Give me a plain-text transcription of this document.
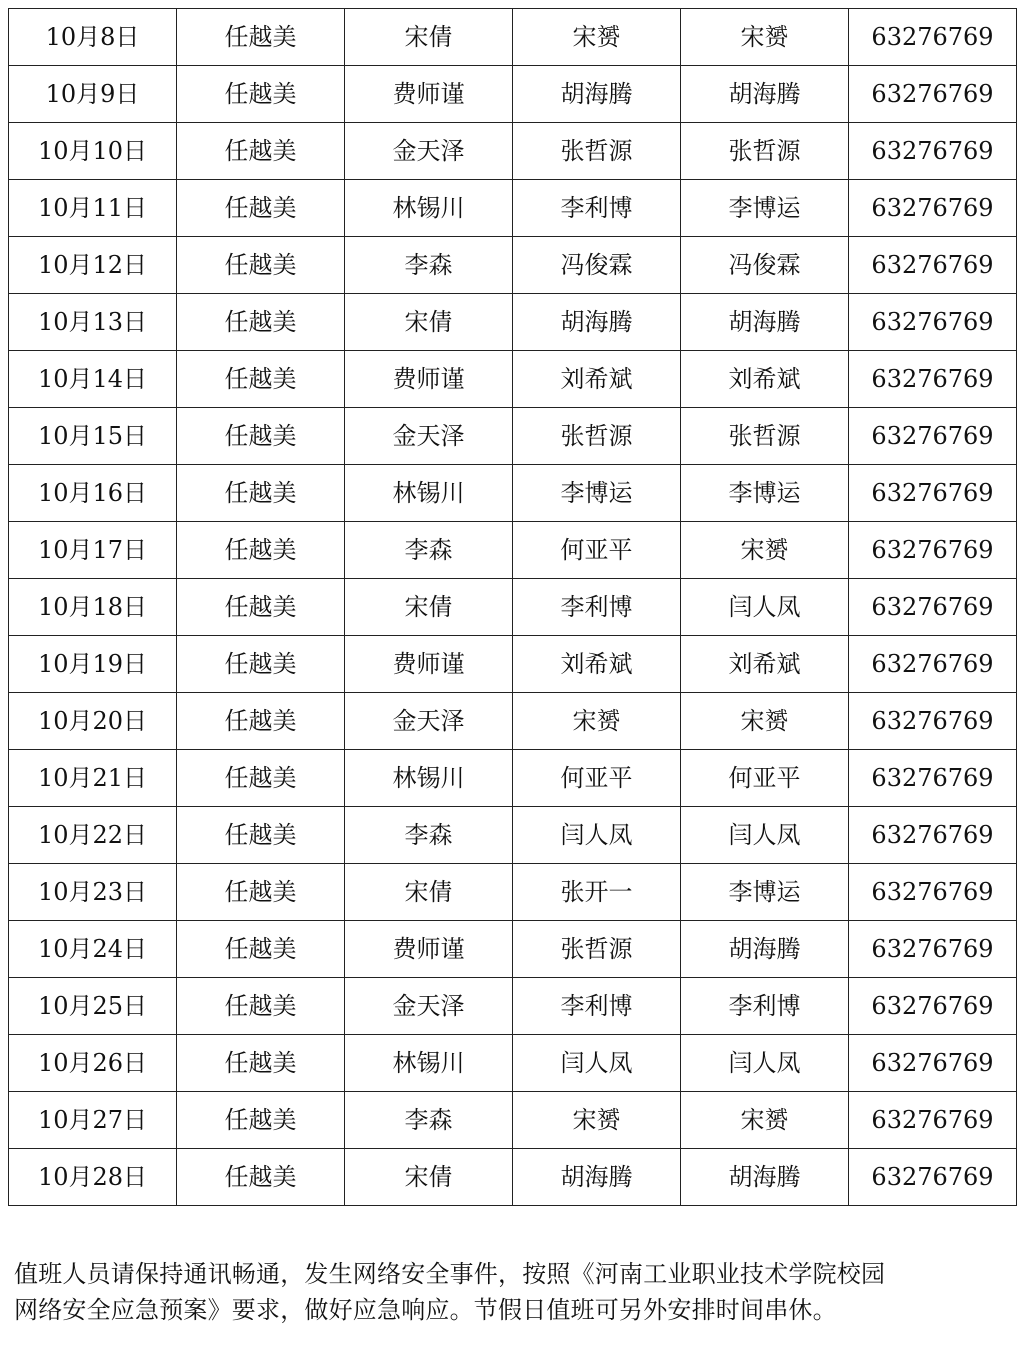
10月8日	任越美	宋倩	宋赟	宋赟	63276769
10月9日	任越美	费师谨	胡海腾	胡海腾	63276769
10月10日	任越美	金天泽	张哲源	张哲源	63276769
10月11日	任越美	林锡川	李利博	李博运	63276769
10月12日	任越美	李森	冯俊霖	冯俊霖	63276769
10月13日	任越美	宋倩	胡海腾	胡海腾	63276769
10月14日	任越美	费师谨	刘希斌	刘希斌	63276769
10月15日	任越美	金天泽	张哲源	张哲源	63276769
10月16日	任越美	林锡川	李博运	李博运	63276769
10月17日	任越美	李森	何亚平	宋赟	63276769
10月18日	任越美	宋倩	李利博	闫人凤	63276769
10月19日	任越美	费师谨	刘希斌	刘希斌	63276769
10月20日	任越美	金天泽	宋赟	宋赟	63276769
10月21日	任越美	林锡川	何亚平	何亚平	63276769
10月22日	任越美	李森	闫人凤	闫人凤	63276769
10月23日	任越美	宋倩	张开一	李博运	63276769
10月24日	任越美	费师谨	张哲源	胡海腾	63276769
10月25日	任越美	金天泽	李利博	李利博	63276769
10月26日	任越美	林锡川	闫人凤	闫人凤	63276769
10月27日	任越美	李森	宋赟	宋赟	63276769
10月28日	任越美	宋倩	胡海腾	胡海腾	63276769

值班人员请保持通讯畅通，发生网络安全事件，按照《河南工业职业技术学院校园

网络安全应急预案》要求，做好应急响应。节假日值班可另外安排时间串休。
